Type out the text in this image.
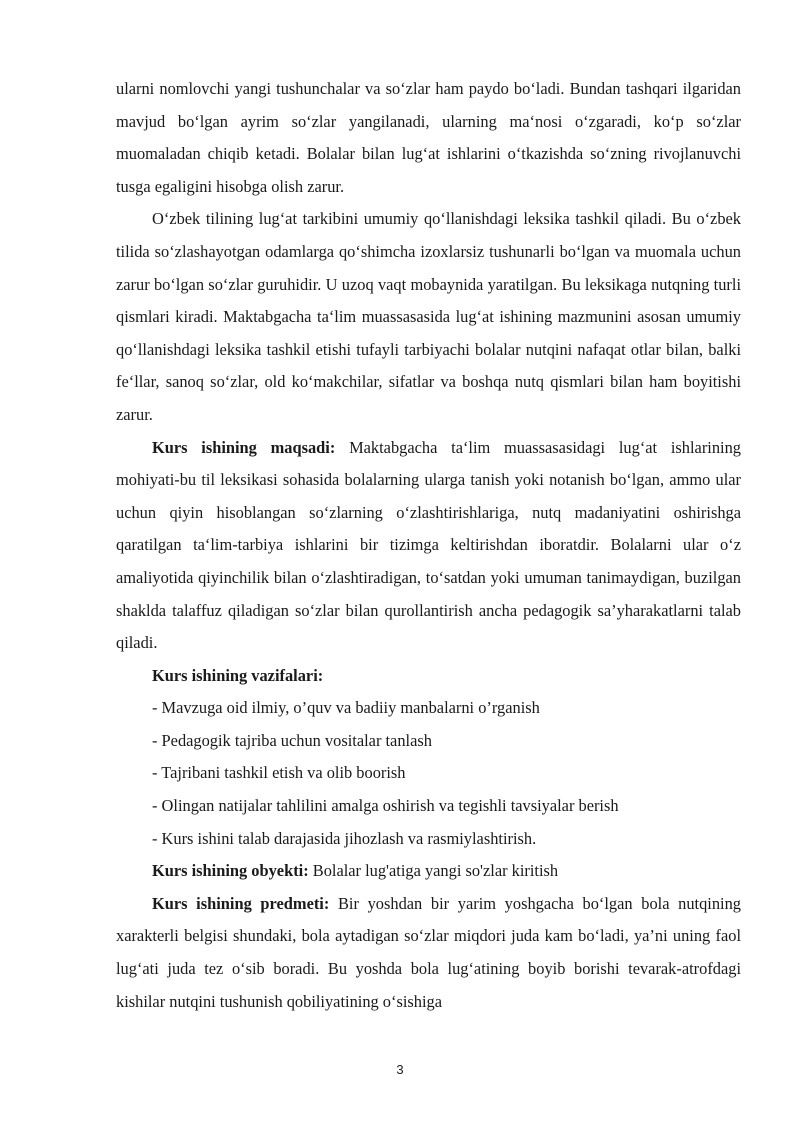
ularni nomlovchi yangi tushunchalar va so‘zlar ham paydo bo‘ladi. Bundan tashqari ilgaridan mavjud bo‘lgan ayrim so‘zlar yangilanadi, ularning ma‘nosi o‘zgaradi, ko‘p so‘zlar muomaladan chiqib ketadi. Bolalar bilan lug‘at ishlarini o‘tkazishda so‘zning rivojlanuvchi tusga egaligini hisobga olish zarur.

O‘zbek tilining lug‘at tarkibini umumiy qo‘llanishdagi leksika tashkil qiladi. Bu o‘zbek tilida so‘zlashayotgan odamlarga qo‘shimcha izoxlarsiz tushunarli bo‘lgan va muomala uchun zarur bo‘lgan so‘zlar guruhidir. U uzoq vaqt mobaynida yaratilgan. Bu leksikaga nutqning turli qismlari kiradi. Maktabgacha ta‘lim muassasasida lug‘at ishining mazmunini asosan umumiy qo‘llanishdagi leksika tashkil etishi tufayli tarbiyachi bolalar nutqini nafaqat otlar bilan, balki fe‘llar, sanoq so‘zlar, old ko‘makchilar, sifatlar va boshqa nutq qismlari bilan ham boyitishi zarur.

Kurs ishining maqsadi: Maktabgacha ta‘lim muassasasidagi lug‘at ishlarining mohiyati-bu til leksikasi sohasida bolalarning ularga tanish yoki notanish bo‘lgan, ammo ular uchun qiyin hisoblangan so‘zlarning o‘zlashtirishlariga, nutq madaniyatini oshirishga qaratilgan ta‘lim-tarbiya ishlarini bir tizimga keltirishdan iboratdir. Bolalarni ular o‘z amaliyotida qiyinchilik bilan o‘zlashtiradigan, to‘satdan yoki umuman tanimaydigan, buzilgan shaklda talaffuz qiladigan so‘zlar bilan qurollantirish ancha pedagogik sa’yharakatlarni talab qiladi.

Kurs ishining vazifalari:

- Mavzuga oid ilmiy, o’quv va badiiy manbalarni o’rganish

- Pedagogik tajriba uchun vositalar tanlash

- Tajribani tashkil etish va olib boorish

- Olingan natijalar tahlilini amalga oshirish va tegishli tavsiyalar berish

- Kurs ishini talab darajasida jihozlash va rasmiylashtirish.

Kurs ishining obyekti: Bolalar lug'atiga yangi so'zlar kiritish

Kurs ishining predmeti: Bir yoshdan bir yarim yoshgacha bo‘lgan bola nutqining xarakterli belgisi shundaki, bola aytadigan so‘zlar miqdori juda kam bo‘ladi, ya’ni uning faol lug‘ati juda tez o‘sib boradi. Bu yoshda bola lug‘atining boyib borishi tevarak-atrofdagi kishilar nutqini tushunish qobiliyatining o‘sishiga

3
